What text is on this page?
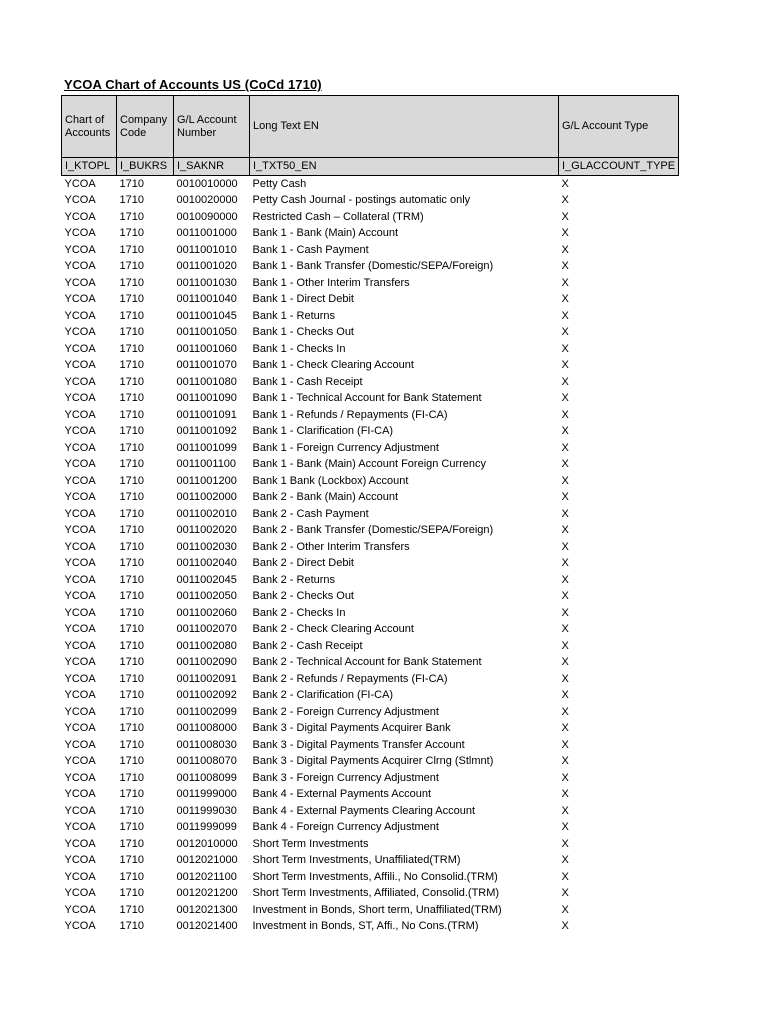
YCOA Chart of Accounts US (CoCd 1710)
Chart of Accounts	Company Code	G/L Account Number	Long Text EN	G/L Account Type
I_KTOPL	I_BUKRS	I_SAKNR	I_TXT50_EN	I_GLACCOUNT_TYPE
YCOA	1710	0010010000	Petty Cash	X
YCOA	1710	0010020000	Petty Cash Journal - postings automatic only	X
YCOA	1710	0010090000	Restricted Cash – Collateral (TRM)	X
YCOA	1710	0011001000	Bank 1 - Bank (Main) Account	X
YCOA	1710	0011001010	Bank 1 - Cash Payment	X
YCOA	1710	0011001020	Bank 1 - Bank Transfer (Domestic/SEPA/Foreign)	X
YCOA	1710	0011001030	Bank 1 - Other Interim Transfers	X
YCOA	1710	0011001040	Bank 1 - Direct Debit	X
YCOA	1710	0011001045	Bank 1 - Returns	X
YCOA	1710	0011001050	Bank 1 - Checks Out	X
YCOA	1710	0011001060	Bank 1 - Checks In	X
YCOA	1710	0011001070	Bank 1 - Check Clearing Account	X
YCOA	1710	0011001080	Bank 1 - Cash Receipt	X
YCOA	1710	0011001090	Bank 1 - Technical Account for Bank Statement	X
YCOA	1710	0011001091	Bank 1 - Refunds / Repayments (FI-CA)	X
YCOA	1710	0011001092	Bank 1 - Clarification (FI-CA)	X
YCOA	1710	0011001099	Bank 1 - Foreign Currency Adjustment	X
YCOA	1710	0011001100	Bank 1 - Bank (Main) Account Foreign Currency	X
YCOA	1710	0011001200	Bank 1 Bank (Lockbox) Account	X
YCOA	1710	0011002000	Bank 2 - Bank (Main) Account	X
YCOA	1710	0011002010	Bank 2 - Cash Payment	X
YCOA	1710	0011002020	Bank 2 - Bank Transfer (Domestic/SEPA/Foreign)	X
YCOA	1710	0011002030	Bank 2 - Other Interim Transfers	X
YCOA	1710	0011002040	Bank 2 - Direct Debit	X
YCOA	1710	0011002045	Bank 2 - Returns	X
YCOA	1710	0011002050	Bank 2 - Checks Out	X
YCOA	1710	0011002060	Bank 2 - Checks In	X
YCOA	1710	0011002070	Bank 2 - Check Clearing Account	X
YCOA	1710	0011002080	Bank 2 - Cash Receipt	X
YCOA	1710	0011002090	Bank 2 - Technical Account for Bank Statement	X
YCOA	1710	0011002091	Bank 2 - Refunds / Repayments (FI-CA)	X
YCOA	1710	0011002092	Bank 2 - Clarification (FI-CA)	X
YCOA	1710	0011002099	Bank 2 - Foreign Currency Adjustment	X
YCOA	1710	0011008000	Bank 3 - Digital Payments Acquirer Bank	X
YCOA	1710	0011008030	Bank 3 - Digital Payments Transfer Account	X
YCOA	1710	0011008070	Bank 3 - Digital Payments Acquirer Clrng (Stlmnt)	X
YCOA	1710	0011008099	Bank 3 - Foreign Currency Adjustment	X
YCOA	1710	0011999000	Bank 4 - External Payments Account	X
YCOA	1710	0011999030	Bank 4 - External Payments Clearing Account	X
YCOA	1710	0011999099	Bank 4 - Foreign Currency Adjustment	X
YCOA	1710	0012010000	Short Term Investments	X
YCOA	1710	0012021000	Short Term Investments, Unaffiliated(TRM)	X
YCOA	1710	0012021100	Short Term Investments, Affili., No Consolid.(TRM)	X
YCOA	1710	0012021200	Short Term Investments, Affiliated, Consolid.(TRM)	X
YCOA	1710	0012021300	Investment in Bonds, Short term, Unaffiliated(TRM)	X
YCOA	1710	0012021400	Investment in Bonds, ST, Affi., No Cons.(TRM)	X
